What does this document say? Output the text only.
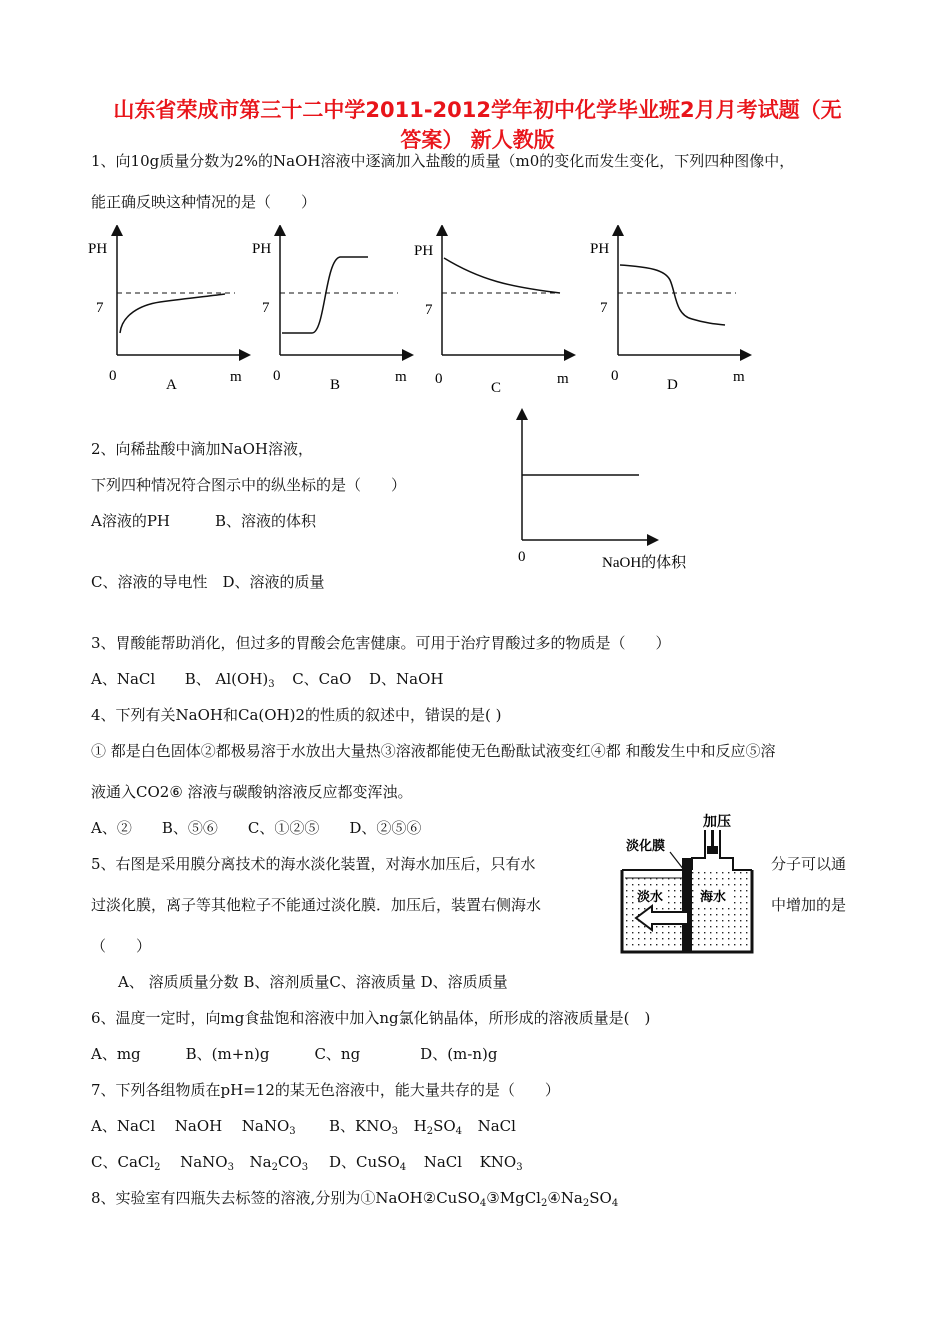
山东省荣成市第三十二中学2011-2012学年初中化学毕业班2月月考试题（无
答案） 新人教版
1、向10g质量分数为2%的NaOH溶液中逐滴加入盐酸的质量（m0的变化而发生变化，下列四种图像中，
能正确反映这种情况的是（　　）
PH
7
0	m
A
PH
7
0	m
B
PH
7
0	m
C
PH
7
0	m
D
2、向稀盐酸中滴加NaOH溶液，
下列四种情况符合图示中的纵坐标的是（　　）
A溶液的PH　　　B、溶液的体积
C、溶液的导电性　D、溶液的质量
0	NaOH的体积
3、胃酸能帮助消化，但过多的胃酸会危害健康。可用于治疗胃酸过多的物质是（　　）
A、NaCl B、 $Al(OH)_3$ C、CaO D、NaOH
4、下列有关NaOH和Ca(OH)2的性质的叙述中，错误的是( )
① 都是白色固体②都极易溶于水放出大量热③溶液都能使无色酚酞试液变红④都 和酸发生中和反应⑤溶
液通入CO2⑥ 溶液与碳酸钠溶液反应都变浑浊。
A、②　　B、⑤⑥　　C、①②⑤　　D、②⑤⑥
5、右图是采用膜分离技术的海水淡化装置，对海水加压后，只有水	分子可以通
过淡化膜，离子等其他粒子不能通过淡化膜．加压后，装置右侧海水	中增加的是
（　　）
A、 溶质质量分数 B、溶剂质量C、溶液质量 D、溶质质量
加压
淡化膜
淡水	海水
6、温度一定时，向mg食盐饱和溶液中加入ng氯化钠晶体，所形成的溶液质量是(　)
A、mg　　　B、(m+n)g　　　C、ng　　　　D、(m-n)g
7、下列各组物质在pH=12的某无色溶液中，能大量共存的是（　　）
A、NaCl NaOH NaNO$_3$ B、$KNO_3$ $H_2SO_4$ NaCl
C、CaCl$_2$ NaNO$_3$ $Na_2CO_3$ D、CuSO$_4$ NaCl $KNO_3$
8、实验室有四瓶失去标签的溶液,分别为$①NaOH②CuSO_4③MgCl_2④Na_2SO_4$
